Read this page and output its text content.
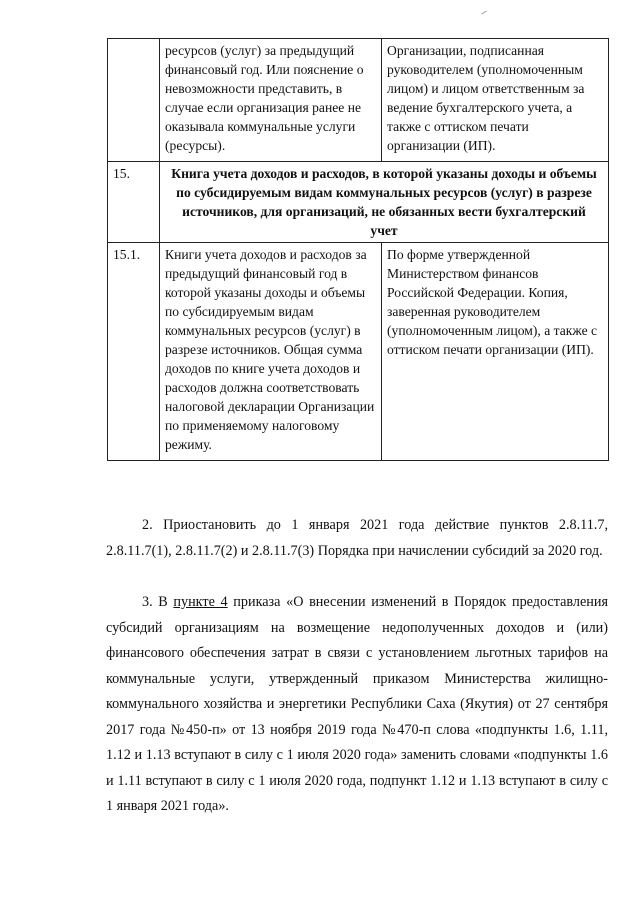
	ресурсов (услуг) за предыдущий финансовый год. Или пояснение о невозможности представить, в случае если организация ранее не оказывала коммунальные услуги (ресурсы).	Организации, подписанная руководителем (уполномоченным лицом) и лицом ответственным за ведение бухгалтерского учета, а также с оттиском печати организации (ИП).
15.	Книга учета доходов и расходов, в которой указаны доходы и объемы по субсидируемым видам коммунальных ресурсов (услуг) в разрезе источников, для организаций, не обязанных вести бухгалтерский учет	
15.1.	Книги учета доходов и расходов за предыдущий финансовый год в которой указаны доходы и объемы по субсидируемым видам коммунальных ресурсов (услуг) в разрезе источников. Общая сумма доходов по книге учета доходов и расходов должна соответствовать налоговой декларации Организации по применяемому налоговому режиму.	По форме утвержденной Министерством финансов Российской Федерации. Копия, заверенная руководителем (уполномоченным лицом), а также с оттиском печати организации (ИП).
2. Приостановить до 1 января 2021 года действие пунктов 2.8.11.7, 2.8.11.7(1), 2.8.11.7(2) и 2.8.11.7(3) Порядка при начислении субсидий за 2020 год.
3. В пункте 4 приказа «О внесении изменений в Порядок предоставления субсидий организациям на возмещение недополученных доходов и (или) финансового обеспечения затрат в связи с установлением льготных тарифов на коммунальные услуги, утвержденный приказом Министерства жилищно-коммунального хозяйства и энергетики Республики Саха (Якутия) от 27 сентября 2017 года №450-п» от 13 ноября 2019 года №470-п слова «подпункты 1.6, 1.11, 1.12 и 1.13 вступают в силу с 1 июля 2020 года» заменить словами «подпункты 1.6 и 1.11 вступают в силу с 1 июля 2020 года, подпункт 1.12 и 1.13 вступают в силу с 1 января 2021 года».
